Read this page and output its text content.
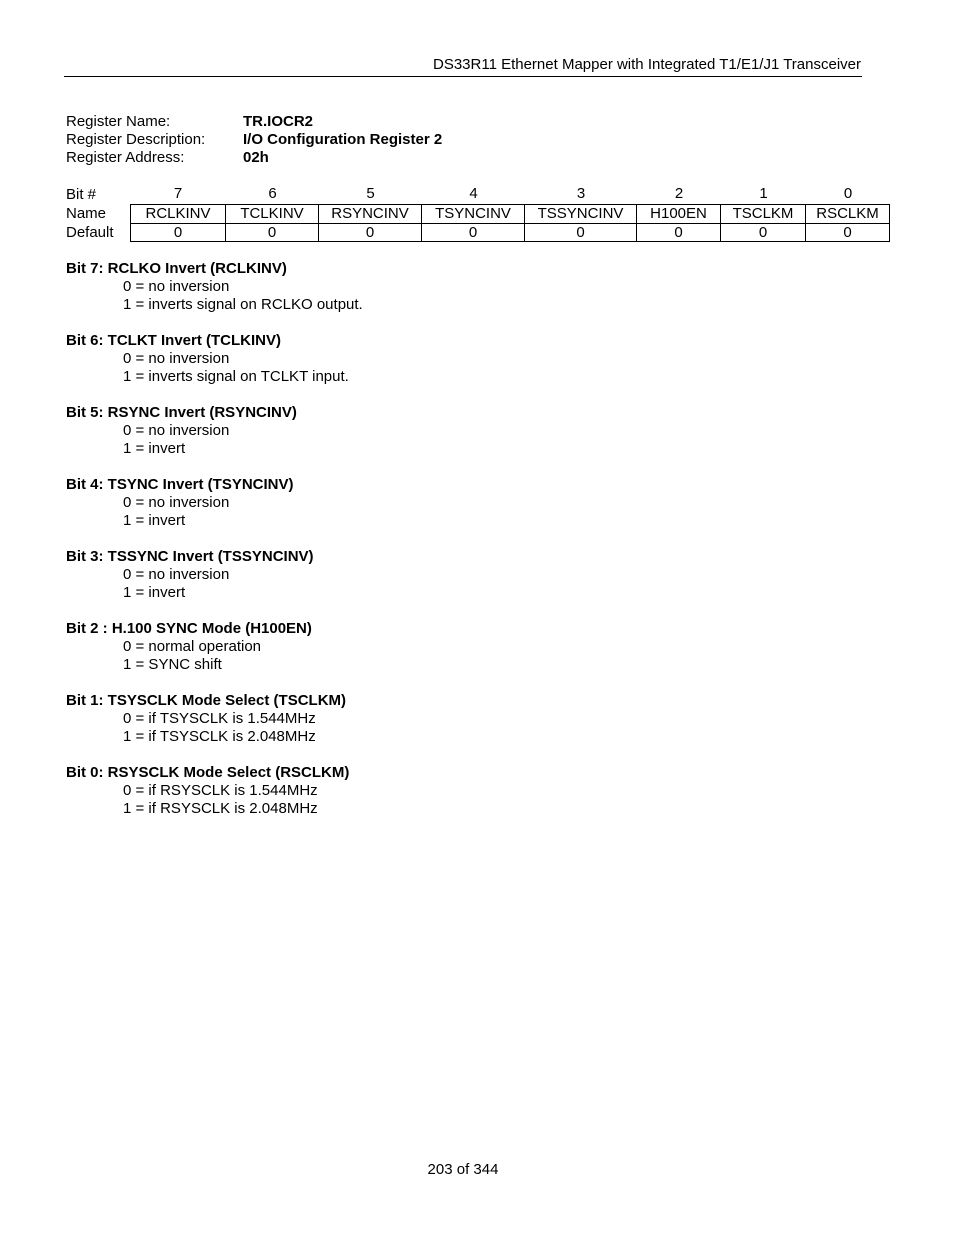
DS33R11 Ethernet Mapper with Integrated T1/E1/J1 Transceiver
Register Name:	TR.IOCR2
Register Description:	I/O Configuration Register 2
Register Address:	02h
Bit #	7	6	5	4	3	2	1	0
Name	RCLKINV	TCLKINV	RSYNCINV	TSYNCINV	TSSYNCINV	H100EN	TSCLKM	RSCLKM
Default	0	0	0	0	0	0	0	0
Bit 7: RCLKO Invert (RCLKINV)
0 = no inversion
1 = inverts signal on RCLKO output.
Bit 6: TCLKT Invert (TCLKINV)
0 = no inversion
1 = inverts signal on TCLKT input.
Bit 5: RSYNC Invert (RSYNCINV)
0 = no inversion
1 = invert
Bit 4: TSYNC Invert (TSYNCINV)
0 = no inversion
1 = invert
Bit 3: TSSYNC Invert (TSSYNCINV)
0 = no inversion
1 = invert
Bit 2 : H.100 SYNC Mode (H100EN)
0 = normal operation
1 = SYNC shift
Bit 1: TSYSCLK Mode Select (TSCLKM)
0 = if TSYSCLK is 1.544MHz
1 = if TSYSCLK is 2.048MHz
Bit 0: RSYSCLK Mode Select (RSCLKM)
0 = if RSYSCLK is 1.544MHz
1 = if RSYSCLK is 2.048MHz
203 of 344
